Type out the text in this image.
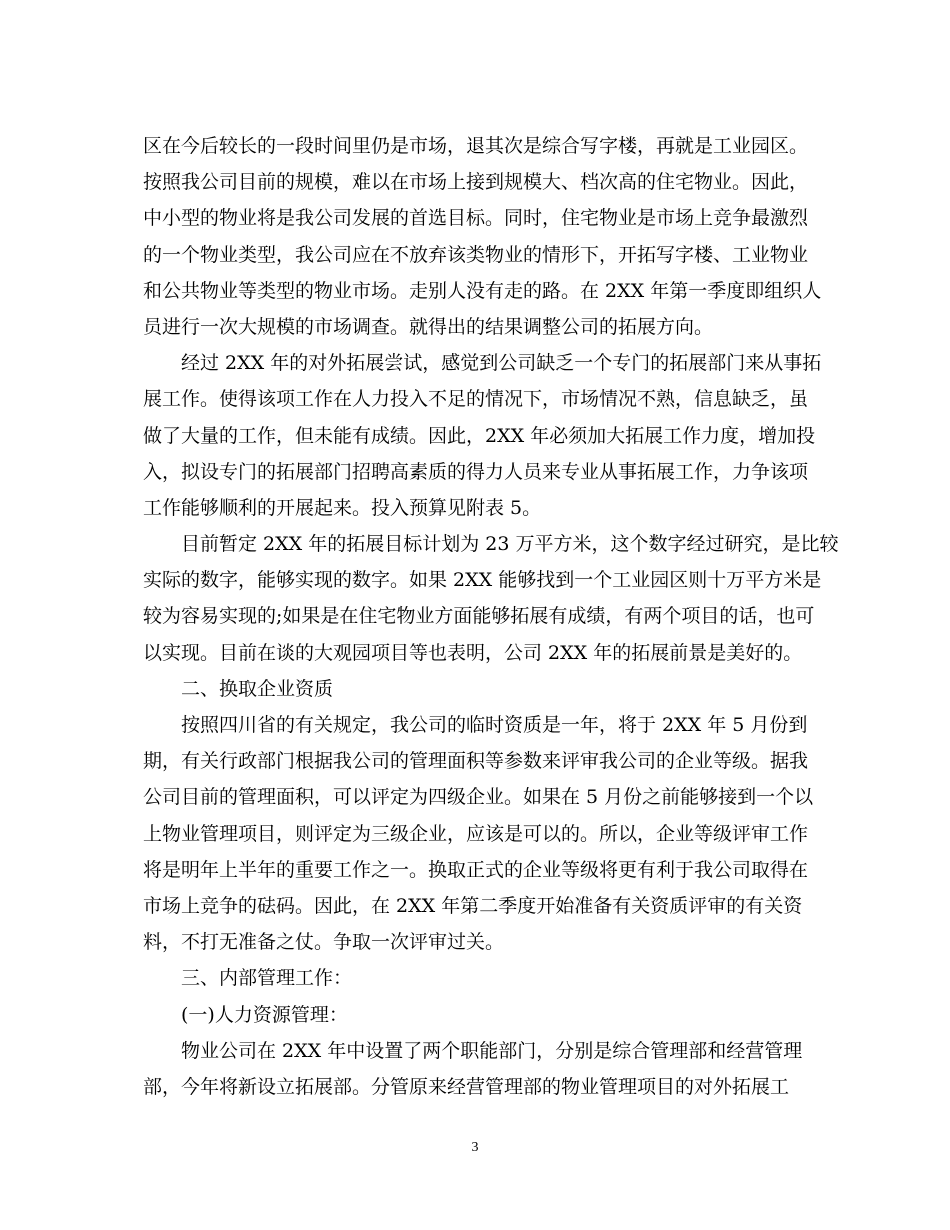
区在今后较长的一段时间里仍是市场，退其次是综合写字楼，再就是工业园区。
按照我公司目前的规模，难以在市场上接到规模大、档次高的住宅物业。因此，
中小型的物业将是我公司发展的首选目标。同时，住宅物业是市场上竞争最激烈
的一个物业类型，我公司应在不放弃该类物业的情形下，开拓写字楼、工业物业
和公共物业等类型的物业市场。走别人没有走的路。在 2XX 年第一季度即组织人
员进行一次大规模的市场调查。就得出的结果调整公司的拓展方向。
经过 2XX 年的对外拓展尝试，感觉到公司缺乏一个专门的拓展部门来从事拓
展工作。使得该项工作在人力投入不足的情况下，市场情况不熟，信息缺乏，虽
做了大量的工作，但未能有成绩。因此，2XX 年必须加大拓展工作力度，增加投
入，拟设专门的拓展部门招聘高素质的得力人员来专业从事拓展工作，力争该项
工作能够顺利的开展起来。投入预算见附表 5。
目前暂定 2XX 年的拓展目标计划为 23 万平方米，这个数字经过研究，是比较
实际的数字，能够实现的数字。如果 2XX 能够找到一个工业园区则十万平方米是
较为容易实现的;如果是在住宅物业方面能够拓展有成绩，有两个项目的话，也可
以实现。目前在谈的大观园项目等也表明，公司 2XX 年的拓展前景是美好的。
二、换取企业资质
按照四川省的有关规定，我公司的临时资质是一年，将于 2XX 年 5 月份到
期，有关行政部门根据我公司的管理面积等参数来评审我公司的企业等级。据我
公司目前的管理面积，可以评定为四级企业。如果在 5 月份之前能够接到一个以
上物业管理项目，则评定为三级企业，应该是可以的。所以，企业等级评审工作
将是明年上半年的重要工作之一。换取正式的企业等级将更有利于我公司取得在
市场上竞争的砝码。因此，在 2XX 年第二季度开始准备有关资质评审的有关资
料，不打无准备之仗。争取一次评审过关。
三、内部管理工作：
(一)人力资源管理：
物业公司在 2XX 年中设置了两个职能部门，分别是综合管理部和经营管理
部，今年将新设立拓展部。分管原来经营管理部的物业管理项目的对外拓展工
3
